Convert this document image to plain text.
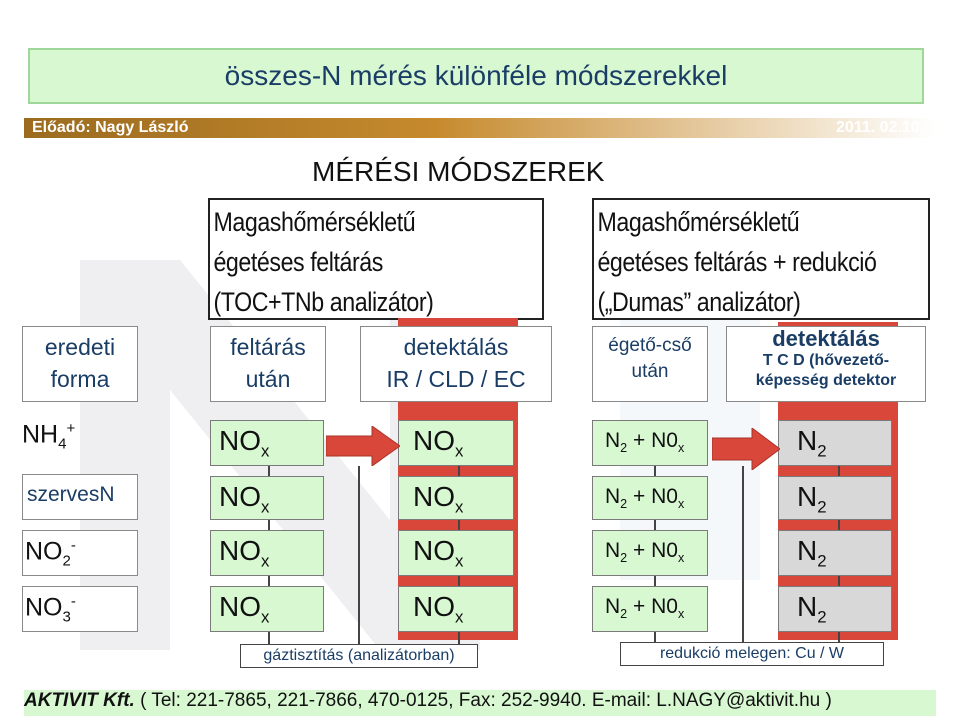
összes-N mérés különféle módszerekkel
Előadó: Nagy László	2011. 02.10.
MÉRÉSI MÓDSZEREK
Magashőmérsékletű
égetéses feltárás
(TOC+TNb analizátor)
Magashőmérsékletű
égetéses feltárás + redukció
(„Dumas” analizátor)
eredeti
forma
feltárás
után
detektálás
IR / CLD / EC
égető-cső
után
detektálás
T C D (hővezető-
képesség detektor
$NH_4^+$	$NO_x$	$NO_x$	$N_2 + N0_x$	$N_2$
szervesN	$NO_x$	$NO_x$	$N_2 + N0_x$	$N_2$
$NO_2^-$	$NO_x$	$NO_x$	$N_2 + N0_x$	$N_2$
$NO_3^-$	$NO_x$	$NO_x$	$N_2 + N0_x$	$N_2$
gáztisztítás (analizátorban)	redukció melegen: Cu / W
AKTIVIT Kft. ( Tel: 221-7865, 221-7866, 470-0125, Fax: 252-9940. E-mail: L.NAGY@aktivit.hu )
